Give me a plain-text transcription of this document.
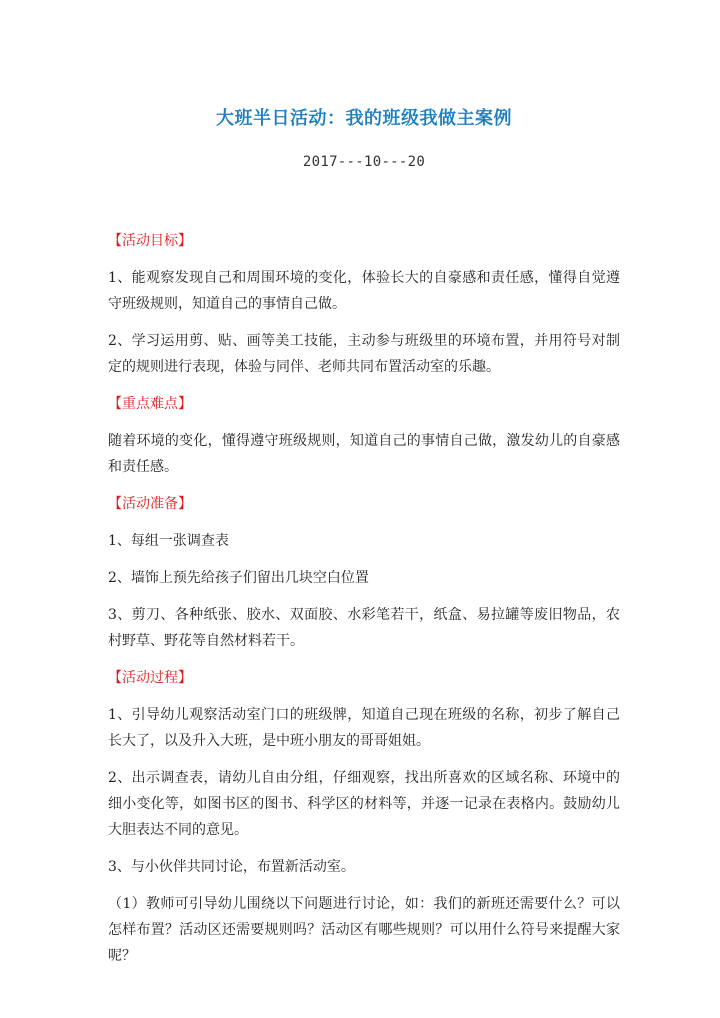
大班半日活动：我的班级我做主案例
2017---10---20
【活动目标】
1、能观察发现自己和周围环境的变化，体验长大的自豪感和责任感，懂得自觉遵守班级规则，知道自己的事情自己做。
2、学习运用剪、贴、画等美工技能，主动参与班级里的环境布置，并用符号对制定的规则进行表现，体验与同伴、老师共同布置活动室的乐趣。
【重点难点】
随着环境的变化，懂得遵守班级规则，知道自己的事情自己做，激发幼儿的自豪感和责任感。
【活动准备】
1、每组一张调查表
2、墙饰上预先给孩子们留出几块空白位置
3、剪刀、各种纸张、胶水、双面胶、水彩笔若干，纸盒、易拉罐等废旧物品，农村野草、野花等自然材料若干。
【活动过程】
1、引导幼儿观察活动室门口的班级牌，知道自己现在班级的名称，初步了解自己长大了，以及升入大班，是中班小朋友的哥哥姐姐。
2、出示调查表，请幼儿自由分组，仔细观察，找出所喜欢的区域名称、环境中的细小变化等，如图书区的图书、科学区的材料等，并逐一记录在表格内。鼓励幼儿大胆表达不同的意见。
3、与小伙伴共同讨论，布置新活动室。
（1）教师可引导幼儿围绕以下问题进行讨论，如：我们的新班还需要什么？可以怎样布置？活动区还需要规则吗？活动区有哪些规则？可以用什么符号来提醒大家呢？
